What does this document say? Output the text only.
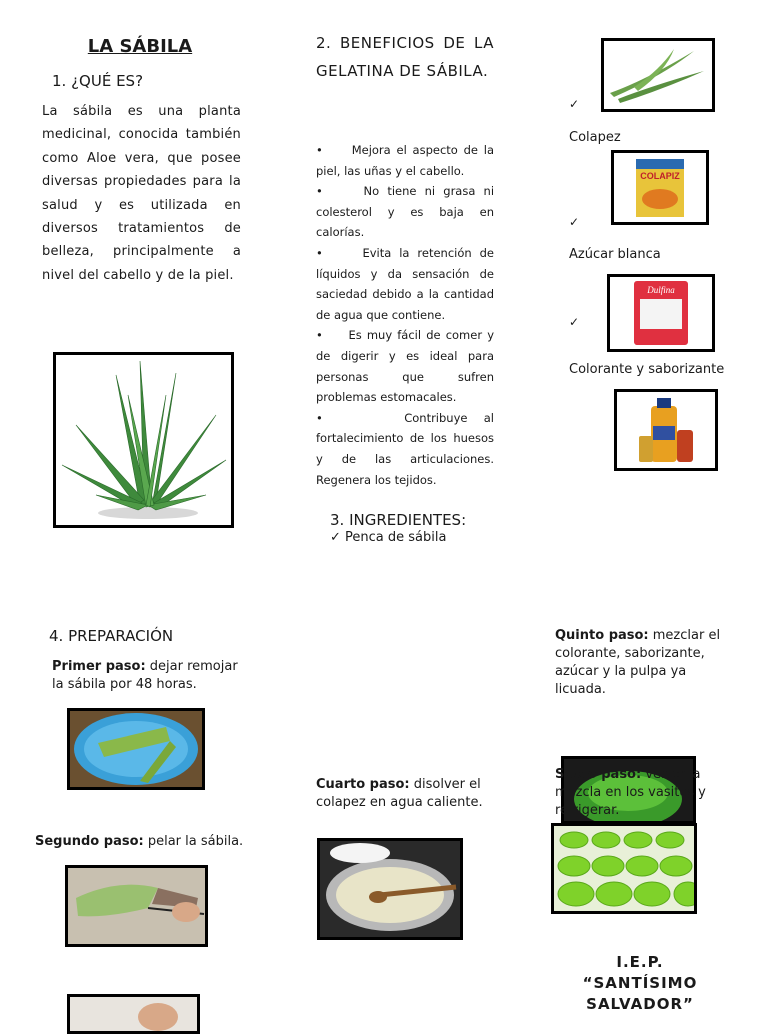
LA SÁBILA
1. ¿QUÉ ES?
La sábila es una planta medicinal, conocida también como Aloe vera, que posee diversas propiedades para la salud y es utilizada en diversos tratamientos de belleza, principalmente a nivel del cabello y de la piel.
2. BENEFICIOS DE LA GELATINA DE SÁBILA.
•     Mejora el aspecto de la piel, las uñas y el cabello.
•     No tiene ni grasa ni colesterol y es baja en calorías.
•     Evita la retención de líquidos y da sensación de saciedad debido a la cantidad de agua que contiene.
•     Es muy fácil de comer y de digerir y es ideal para personas que sufren problemas estomacales.
•     Contribuye al fortalecimiento de los huesos y de las articulaciones. Regenera los tejidos.
3. INGREDIENTES:
✓ Penca de sábila
✓
Colapez
COLAPIZ
✓
Azúcar blanca
Dulfina
✓
Colorante y saborizante
4. PREPARACIÓN
Primer paso: dejar remojar la sábila por 48 horas.
Segundo paso: pelar la sábila.
Cuarto paso: disolver el colapez en agua caliente.
Quinto paso: mezclar el colorante, saborizante, azúcar y la pulpa ya licuada.
Sexto paso: verter la mezcla en los vasitos y refrigerar.
I.E.P. “SANTÍSIMO SALVADOR”
